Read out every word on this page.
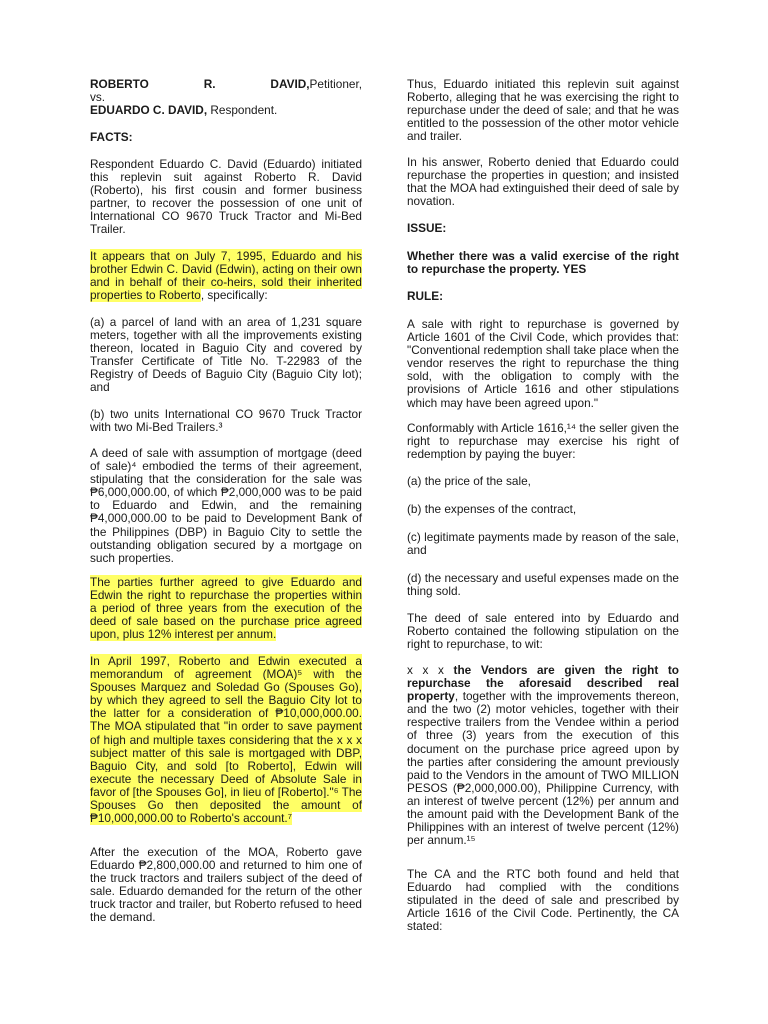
ROBERTO R. DAVID, Petitioner,

vs.

EDUARDO C. DAVID, Respondent.

FACTS:

Respondent Eduardo C. David (Eduardo) initiated this replevin suit against Roberto R. David (Roberto), his first cousin and former business partner, to recover the possession of one unit of International CO 9670 Truck Tractor and Mi-Bed Trailer.

It appears that on July 7, 1995, Eduardo and his brother Edwin C. David (Edwin), acting on their own and in behalf of their co-heirs, sold their inherited properties to Roberto, specifically:

(a) a parcel of land with an area of 1,231 square meters, together with all the improvements existing thereon, located in Baguio City and covered by Transfer Certificate of Title No. T-22983 of the Registry of Deeds of Baguio City (Baguio City lot); and

(b) two units International CO 9670 Truck Tractor with two Mi-Bed Trailers.³

A deed of sale with assumption of mortgage (deed of sale)⁴ embodied the terms of their agreement, stipulating that the consideration for the sale was ₱6,000,000.00, of which ₱2,000,000 was to be paid to Eduardo and Edwin, and the remaining ₱4,000,000.00 to be paid to Development Bank of the Philippines (DBP) in Baguio City to settle the outstanding obligation secured by a mortgage on such properties.

The parties further agreed to give Eduardo and Edwin the right to repurchase the properties within a period of three years from the execution of the deed of sale based on the purchase price agreed upon, plus 12% interest per annum.

In April 1997, Roberto and Edwin executed a memorandum of agreement (MOA)⁵ with the Spouses Marquez and Soledad Go (Spouses Go), by which they agreed to sell the Baguio City lot to the latter for a consideration of ₱10,000,000.00. The MOA stipulated that "in order to save payment of high and multiple taxes considering that the x x x subject matter of this sale is mortgaged with DBP, Baguio City, and sold [to Roberto], Edwin will execute the necessary Deed of Absolute Sale in favor of [the Spouses Go], in lieu of [Roberto]."⁶ The Spouses Go then deposited the amount of ₱10,000,000.00 to Roberto's account.⁷

After the execution of the MOA, Roberto gave Eduardo ₱2,800,000.00 and returned to him one of the truck tractors and trailers subject of the deed of sale. Eduardo demanded for the return of the other truck tractor and trailer, but Roberto refused to heed the demand.

Thus, Eduardo initiated this replevin suit against Roberto, alleging that he was exercising the right to repurchase under the deed of sale; and that he was entitled to the possession of the other motor vehicle and trailer.

In his answer, Roberto denied that Eduardo could repurchase the properties in question; and insisted that the MOA had extinguished their deed of sale by novation.

ISSUE:

Whether there was a valid exercise of the right to repurchase the property. YES

RULE:

A sale with right to repurchase is governed by Article 1601 of the Civil Code, which provides that: "Conventional redemption shall take place when the vendor reserves the right to repurchase the thing sold, with the obligation to comply with the provisions of Article 1616 and other stipulations which may have been agreed upon."

Conformably with Article 1616,¹⁴ the seller given the right to repurchase may exercise his right of redemption by paying the buyer:

(a) the price of the sale,

(b) the expenses of the contract,

(c) legitimate payments made by reason of the sale, and

(d) the necessary and useful expenses made on the thing sold.

The deed of sale entered into by Eduardo and Roberto contained the following stipulation on the right to repurchase, to wit:

x x x the Vendors are given the right to repurchase the aforesaid described real property, together with the improvements thereon, and the two (2) motor vehicles, together with their respective trailers from the Vendee within a period of three (3) years from the execution of this document on the purchase price agreed upon by the parties after considering the amount previously paid to the Vendors in the amount of TWO MILLION PESOS (₱2,000,000.00), Philippine Currency, with an interest of twelve percent (12%) per annum and the amount paid with the Development Bank of the Philippines with an interest of twelve percent (12%) per annum.¹⁵

The CA and the RTC both found and held that Eduardo had complied with the conditions stipulated in the deed of sale and prescribed by Article 1616 of the Civil Code. Pertinently, the CA stated:
